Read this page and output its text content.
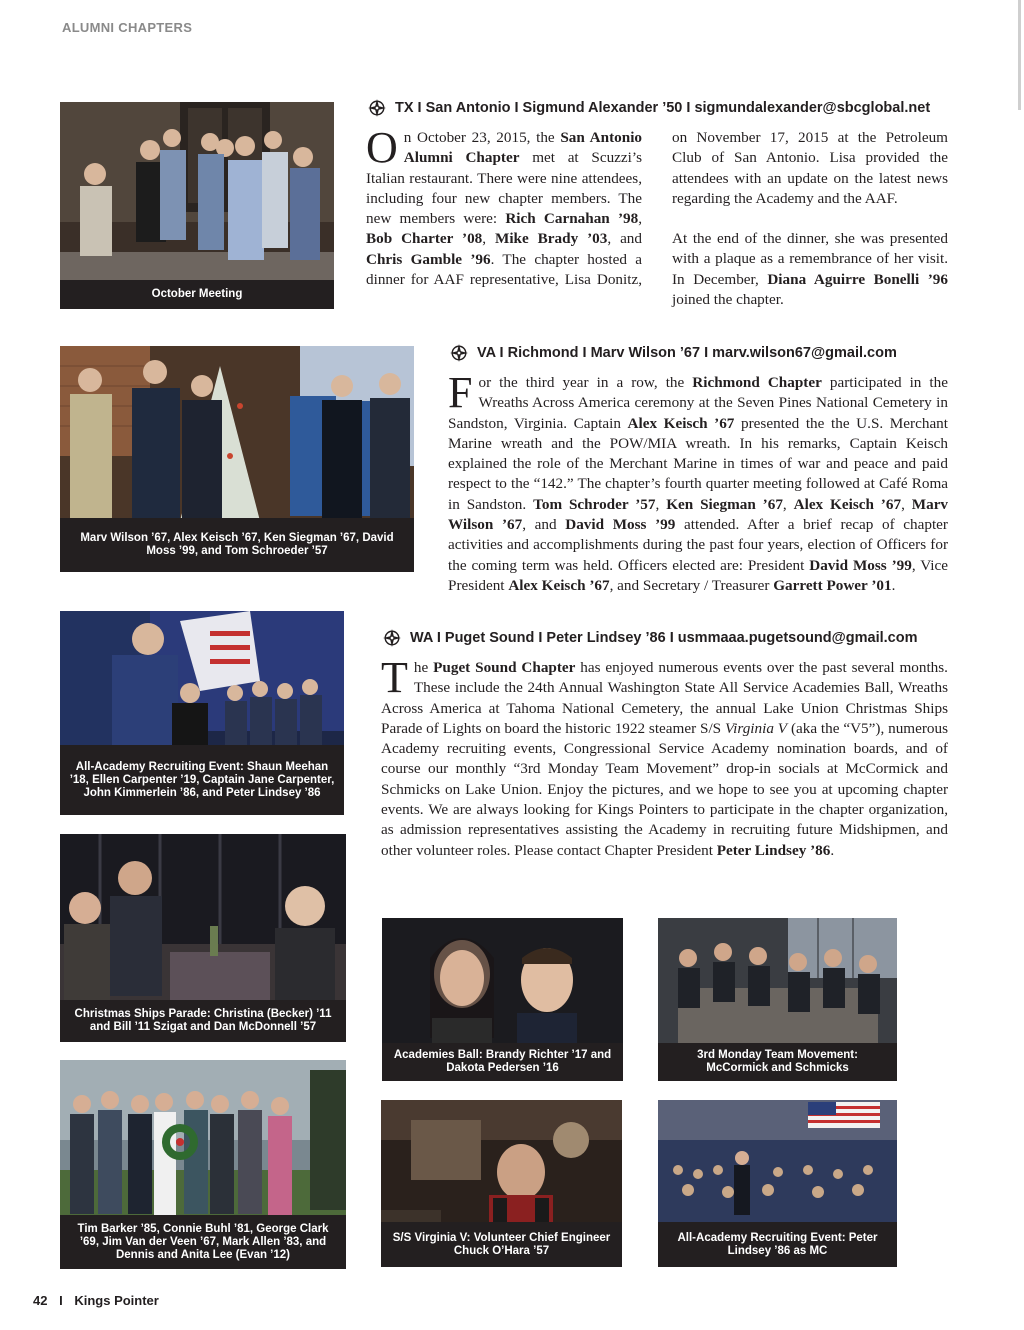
ALUMNI CHAPTERS
October Meeting
Marv Wilson ’67, Alex Keisch ’67, Ken Siegman ’67, David Moss ’99, and Tom Schroeder ’57
All-Academy Recruiting Event: Shaun Meehan ’18, Ellen Carpenter ’19, Captain Jane Carpenter, John Kimmerlein ’86, and Peter Lindsey ’86
Christmas Ships Parade: Christina (Becker) ’11 and Bill ’11 Szigat and Dan McDonnell ’57
Academies Ball: Brandy Richter ’17 and Dakota Pedersen ’16
3rd Monday Team Movement: McCormick and Schmicks
Tim Barker ’85, Connie Buhl ’81, George Clark ’69, Jim Van der Veen ’67, Mark Allen ’83, and Dennis and Anita Lee (Evan ’12)
S/S Virginia V: Volunteer Chief Engineer Chuck O’Hara ’57
All-Academy Recruiting Event: Peter Lindsey ’86 as MC
TX I San Antonio I Sigmund Alexander ’50 I sigmundalexander@sbcglobal.net

On October 23, 2015, the San Antonio Alumni Chapter met at Scuzzi’s Italian restaurant. There were nine attendees, including four new chapter members. The new members were: Rich Carnahan ’98, Bob Charter ’08, Mike Brady ’03, and Chris Gamble ’96. The chapter hosted a dinner for AAF representative, Lisa Donitz, on November 17, 2015 at the Petroleum Club of San Antonio. Lisa provided the attendees with an update on the latest news regarding the Academy and the AAF.

At the end of the dinner, she was presented with a plaque as a remembrance of her visit. In December, Diana Aguirre Bonelli ’96 joined the chapter.

VA I Richmond I Marv Wilson ’67 I marv.wilson67@gmail.com

For the third year in a row, the Richmond Chapter participated in the Wreaths Across America ceremony at the Seven Pines National Cemetery in Sandston, Virginia. Captain Alex Keisch ’67 presented the the U.S. Merchant Marine wreath and the POW/MIA wreath. In his remarks, Captain Keisch explained the role of the Merchant Marine in times of war and peace and paid respect to the “142.” The chapter’s fourth quarter meeting followed at Café Roma in Sandston. Tom Schroder ’57, Ken Siegman ’67, Alex Keisch ’67, Marv Wilson ’67, and David Moss ’99 attended. After a brief recap of chapter activities and accomplishments during the past four years, election of Officers for the coming term was held. Officers elected are: President David Moss ’99, Vice President Alex Keisch ’67, and Secretary / Treasurer Garrett Power ’01.

WA I Puget Sound I Peter Lindsey ’86 I usmmaaa.pugetsound@gmail.com

The Puget Sound Chapter has enjoyed numerous events over the past several months. These include the 24th Annual Washington State All Service Academies Ball, Wreaths Across America at Tahoma National Cemetery, the annual Lake Union Christmas Ships Parade of Lights on board the historic 1922 steamer S/S Virginia V (aka the “V5”), numerous Academy recruiting events, Congressional Service Academy nomination boards, and of course our monthly “3rd Monday Team Movement” drop-in socials at McCormick and Schmicks on Lake Union. Enjoy the pictures, and we hope to see you at upcoming chapter events. We are always looking for Kings Pointers to participate in the chapter organization, as admission representatives assisting the Academy in recruiting future Midshipmen, and other volunteer roles. Please contact Chapter President Peter Lindsey ’86.

42 I Kings Pointer
